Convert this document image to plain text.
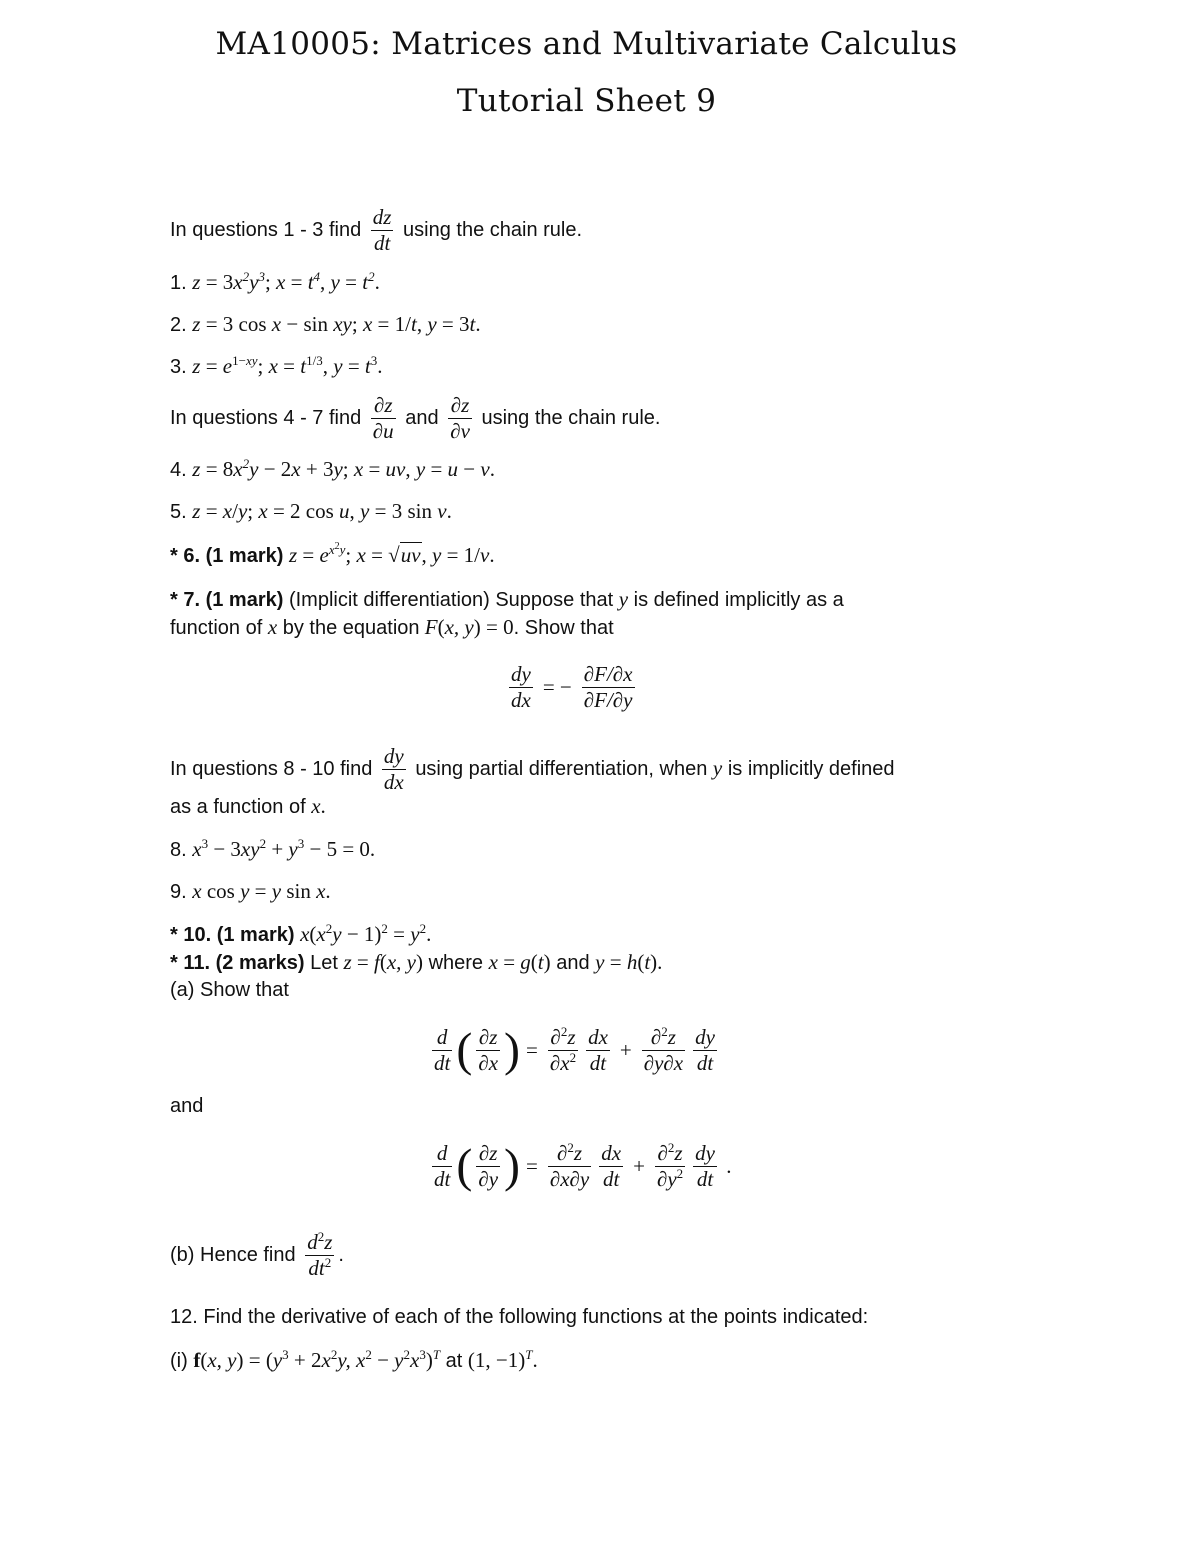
MA10005: Matrices and Multivariate Calculus
Tutorial Sheet 9
In questions 1 - 3 find $\frac{dz}{dt}$ using the chain rule.
1. $z = 3x^2y^3$; $x = t^4$, $y = t^2$.
2. z = 3 cos x − sin xy; x = 1/t, y = 3t.
3. $z = e^{1-xy}$; $x = t^{1/3}$, $y = t^3$.
In questions 4 - 7 find $\frac{\partial z}{\partial u}$ and $\frac{\partial z}{\partial v}$ using the chain rule.
4. $z = 8x^2y - 2x + 3y$; x = uv, y = u − v.
5. z = x/y; x = 2 cos u, y = 3 sin v.
* 6. (1 mark) $z = e^{x^2y}$; x = √uv, y = 1/v.
* 7. (1 mark) (Implicit differentiation) Suppose that y is defined implicitly as a
function of x by the equation F(x, y) = 0. Show that
$\frac{dy}{dx}$ = − $\frac{\partial F/\partial x}{\partial F/\partial y}$
In questions 8 - 10 find $\frac{dy}{dx}$ using partial differentiation, when y is implicitly defined
as a function of x.
8. $x^3 - 3xy^2 + y^3 - 5 = 0$.
9. x cos y = y sin x.
* 10. (1 mark) $x(x^2y - 1)^2 = y^2$.
* 11. (2 marks) Let z = f(x, y) where x = g(t) and y = h(t).
(a) Show that
$\frac{d}{dt}$ ( $\frac{\partial z}{\partial x}$ ) = $\frac{\partial^2z}{\partial x^2} \frac{dx}{dt} + \frac{\partial^2z}{\partial y\partial x} \frac{dy}{dt}$
and
$\frac{d}{dt}$ ( $\frac{\partial z}{\partial y}$ ) = $\frac{\partial^2z}{\partial x\partial y} \frac{dx}{dt} + \frac{\partial^2z}{\partial y^2} \frac{dy}{dt}$ .
(b) Hence find $\frac{d^2z}{dt^2}$ .
12. Find the derivative of each of the following functions at the points indicated:
(i) f(x, $y) = (y^3 + 2x^2y$, $x^2 - y^2x^3)^T$ at (1, −1)$^T$.
